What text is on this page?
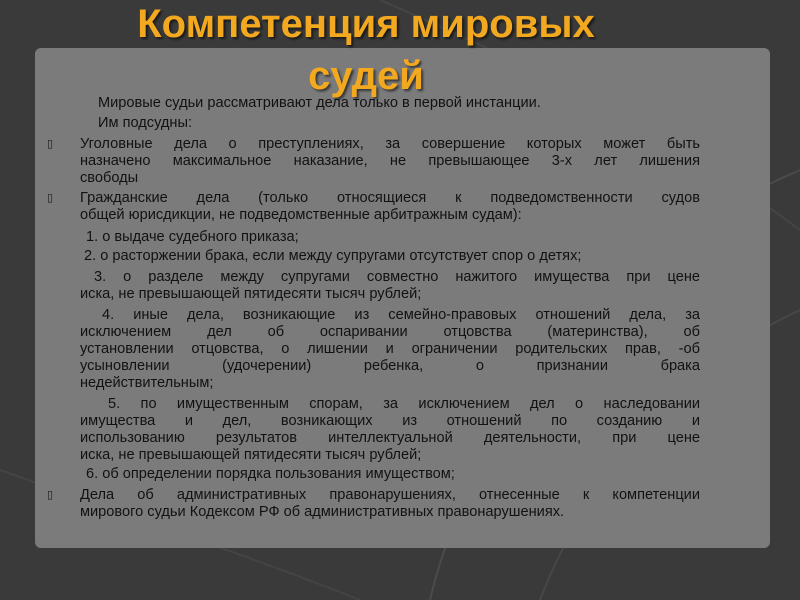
Компетенция мировых
судей

Мировые судьи рассматривают дела только в первой инстанции.

Им подсудны:

▯	Уголовные дела о преступлениях, за совершение которых может быть

назначено максимальное наказание, не превышающее 3-х лет лишения

свободы

▯	Гражданские дела (только относящиеся к подведомственности судов

общей юрисдикции, не подведомственные арбитражным судам):

1. о выдаче судебного приказа;

2. о расторжении брака, если между супругами отсутствует спор о детях;

3. о разделе между супругами совместно нажитого имущества при цене

иска, не превышающей пятидесяти тысяч рублей;

4. иные дела, возникающие из семейно-правовых отношений дела, за

исключением дел об оспаривании отцовства (материнства), об

установлении отцовства, о лишении и ограничении родительских прав, -об

усыновлении (удочерении) ребенка, о признании брака

недействительным;

5. по имущественным спорам, за исключением дел о наследовании

имущества и дел, возникающих из отношений по созданию и

использованию результатов интеллектуальной деятельности, при цене

иска, не превышающей пятидесяти тысяч рублей;

6. об определении порядка пользования имуществом;

▯	Дела об административных правонарушениях, отнесенные к компетенции

мирового судьи Кодексом РФ об административных правонарушениях.
